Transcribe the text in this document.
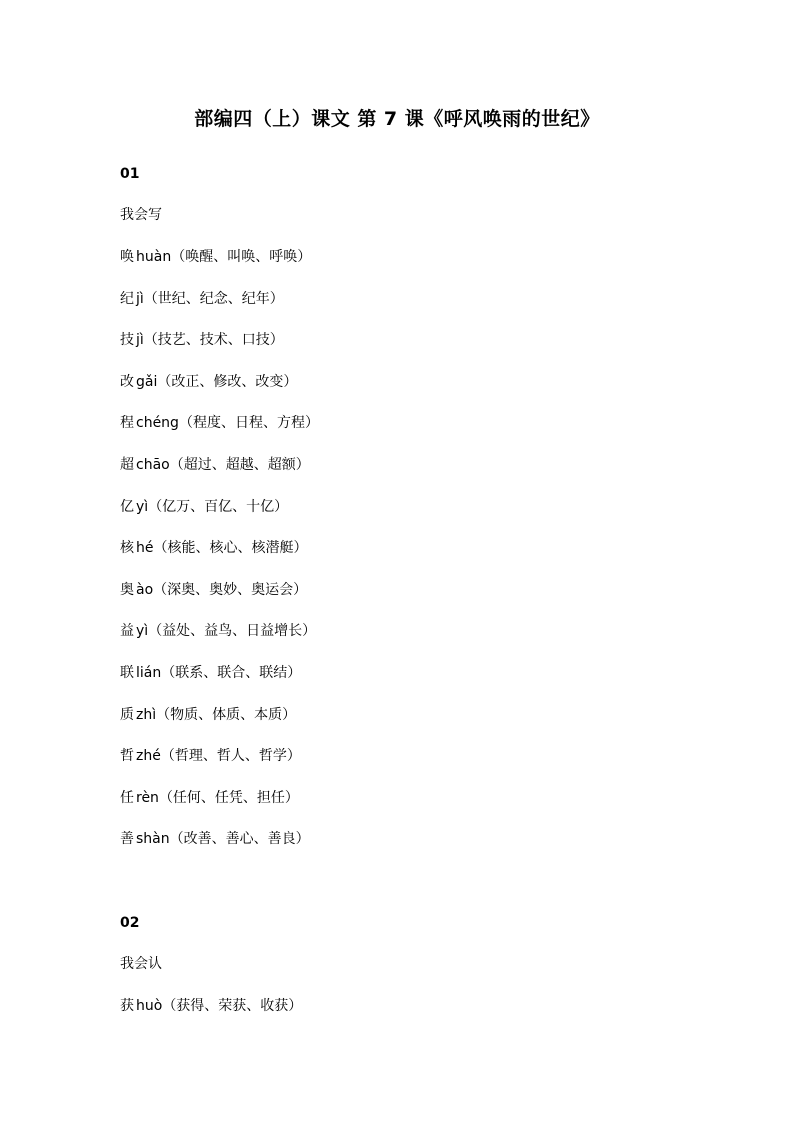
部编四（上）课文 第 7 课《呼风唤雨的世纪》
01
我会写
唤 huàn（唤醒、叫唤、呼唤）
纪 jì（世纪、纪念、纪年）
技 jì（技艺、技术、口技）
改 gǎi（改正、修改、改变）
程 chéng（程度、日程、方程）
超 chāo（超过、超越、超额）
亿 yì（亿万、百亿、十亿）
核 hé（核能、核心、核潜艇）
奥 ào（深奥、奥妙、奥运会）
益 yì（益处、益鸟、日益增长）
联 lián（联系、联合、联结）
质 zhì（物质、体质、本质）
哲 zhé（哲理、哲人、哲学）
任 rèn（任何、任凭、担任）
善 shàn（改善、善心、善良）
02
我会认
获 huò（获得、荣获、收获）
